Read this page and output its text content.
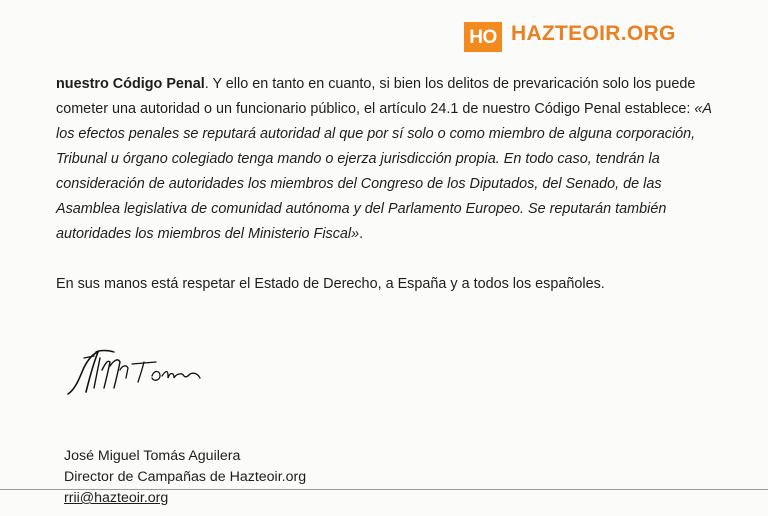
HO HAZTEOIR.ORG

nuestro Código Penal. Y ello en tanto en cuanto, si bien los delitos de prevaricación solo los puede cometer una autoridad o un funcionario público, el artículo 24.1 de nuestro Código Penal establece: «A los efectos penales se reputará autoridad al que por sí solo o como miembro de alguna corporación, Tribunal u órgano colegiado tenga mando o ejerza jurisdicción propia. En todo caso, tendrán la consideración de autoridades los miembros del Congreso de los Diputados, del Senado, de las Asamblea legislativa de comunidad autónoma y del Parlamento Europeo. Se reputarán también autoridades los miembros del Ministerio Fiscal».

En sus manos está respetar el Estado de Derecho, a España y a todos los españoles.

José Miguel Tomás Aguilera
Director de Campañas de Hazteoir.org
rrii@hazteoir.org
